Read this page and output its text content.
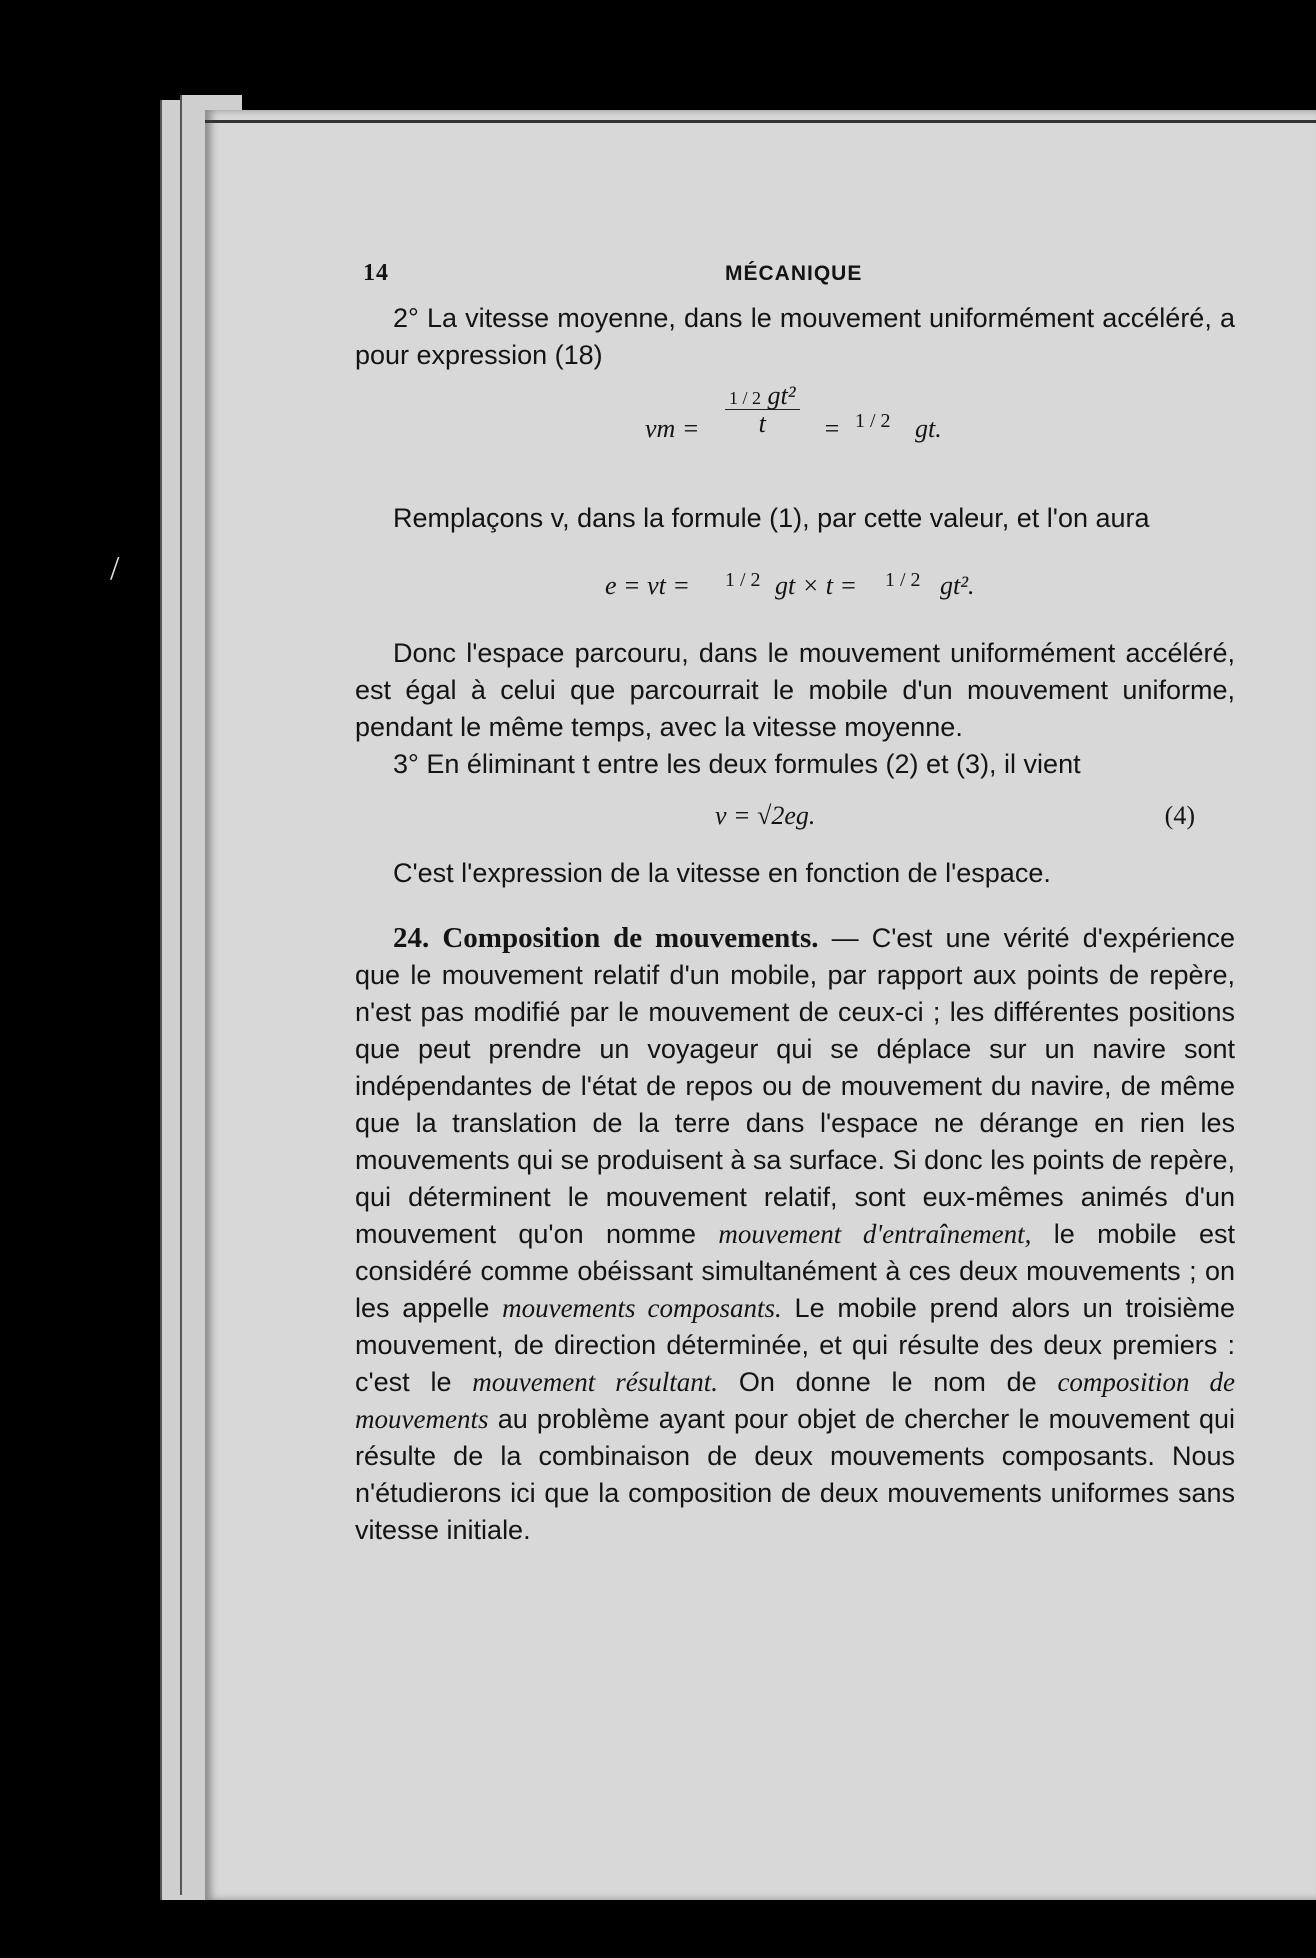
/
14	MÉCANIQUE

2° La vitesse moyenne, dans le mouvement uniformément accéléré, a pour expression (18)

vm = $\frac{\text{1 / 2 gt²}}{t} = 1 / 2$ gt.

Remplaçons v, dans la formule (1), par cette valeur, et l'on aura

e = vt = 1 / 2 gt × t = 1 / 2 gt².

Donc l'espace parcouru, dans le mouvement uniformément accéléré, est égal à celui que parcourrait le mobile d'un mouvement uniforme, pendant le même temps, avec la vitesse moyenne.

3° En éliminant t entre les deux formules (2) et (3), il vient

v = √2eg.	(4)

C'est l'expression de la vitesse en fonction de l'espace.

24. Composition de mouvements. — C'est une vérité d'expérience que le mouvement relatif d'un mobile, par rapport aux points de repère, n'est pas modifié par le mouvement de ceux-ci ; les différentes positions que peut prendre un voyageur qui se déplace sur un navire sont indépendantes de l'état de repos ou de mouvement du navire, de même que la translation de la terre dans l'espace ne dérange en rien les mouvements qui se produisent à sa surface. Si donc les points de repère, qui déterminent le mouvement relatif, sont eux-mêmes animés d'un mouvement qu'on nomme mouvement d'entraînement, le mobile est considéré comme obéissant simultanément à ces deux mouvements ; on les appelle mouvements composants. Le mobile prend alors un troisième mouvement, de direction déterminée, et qui résulte des deux premiers : c'est le mouvement résultant. On donne le nom de composition de mouvements au problème ayant pour objet de chercher le mouvement qui résulte de la combinaison de deux mouvements composants. Nous n'étudierons ici que la composition de deux mouvements uniformes sans vitesse initiale.
